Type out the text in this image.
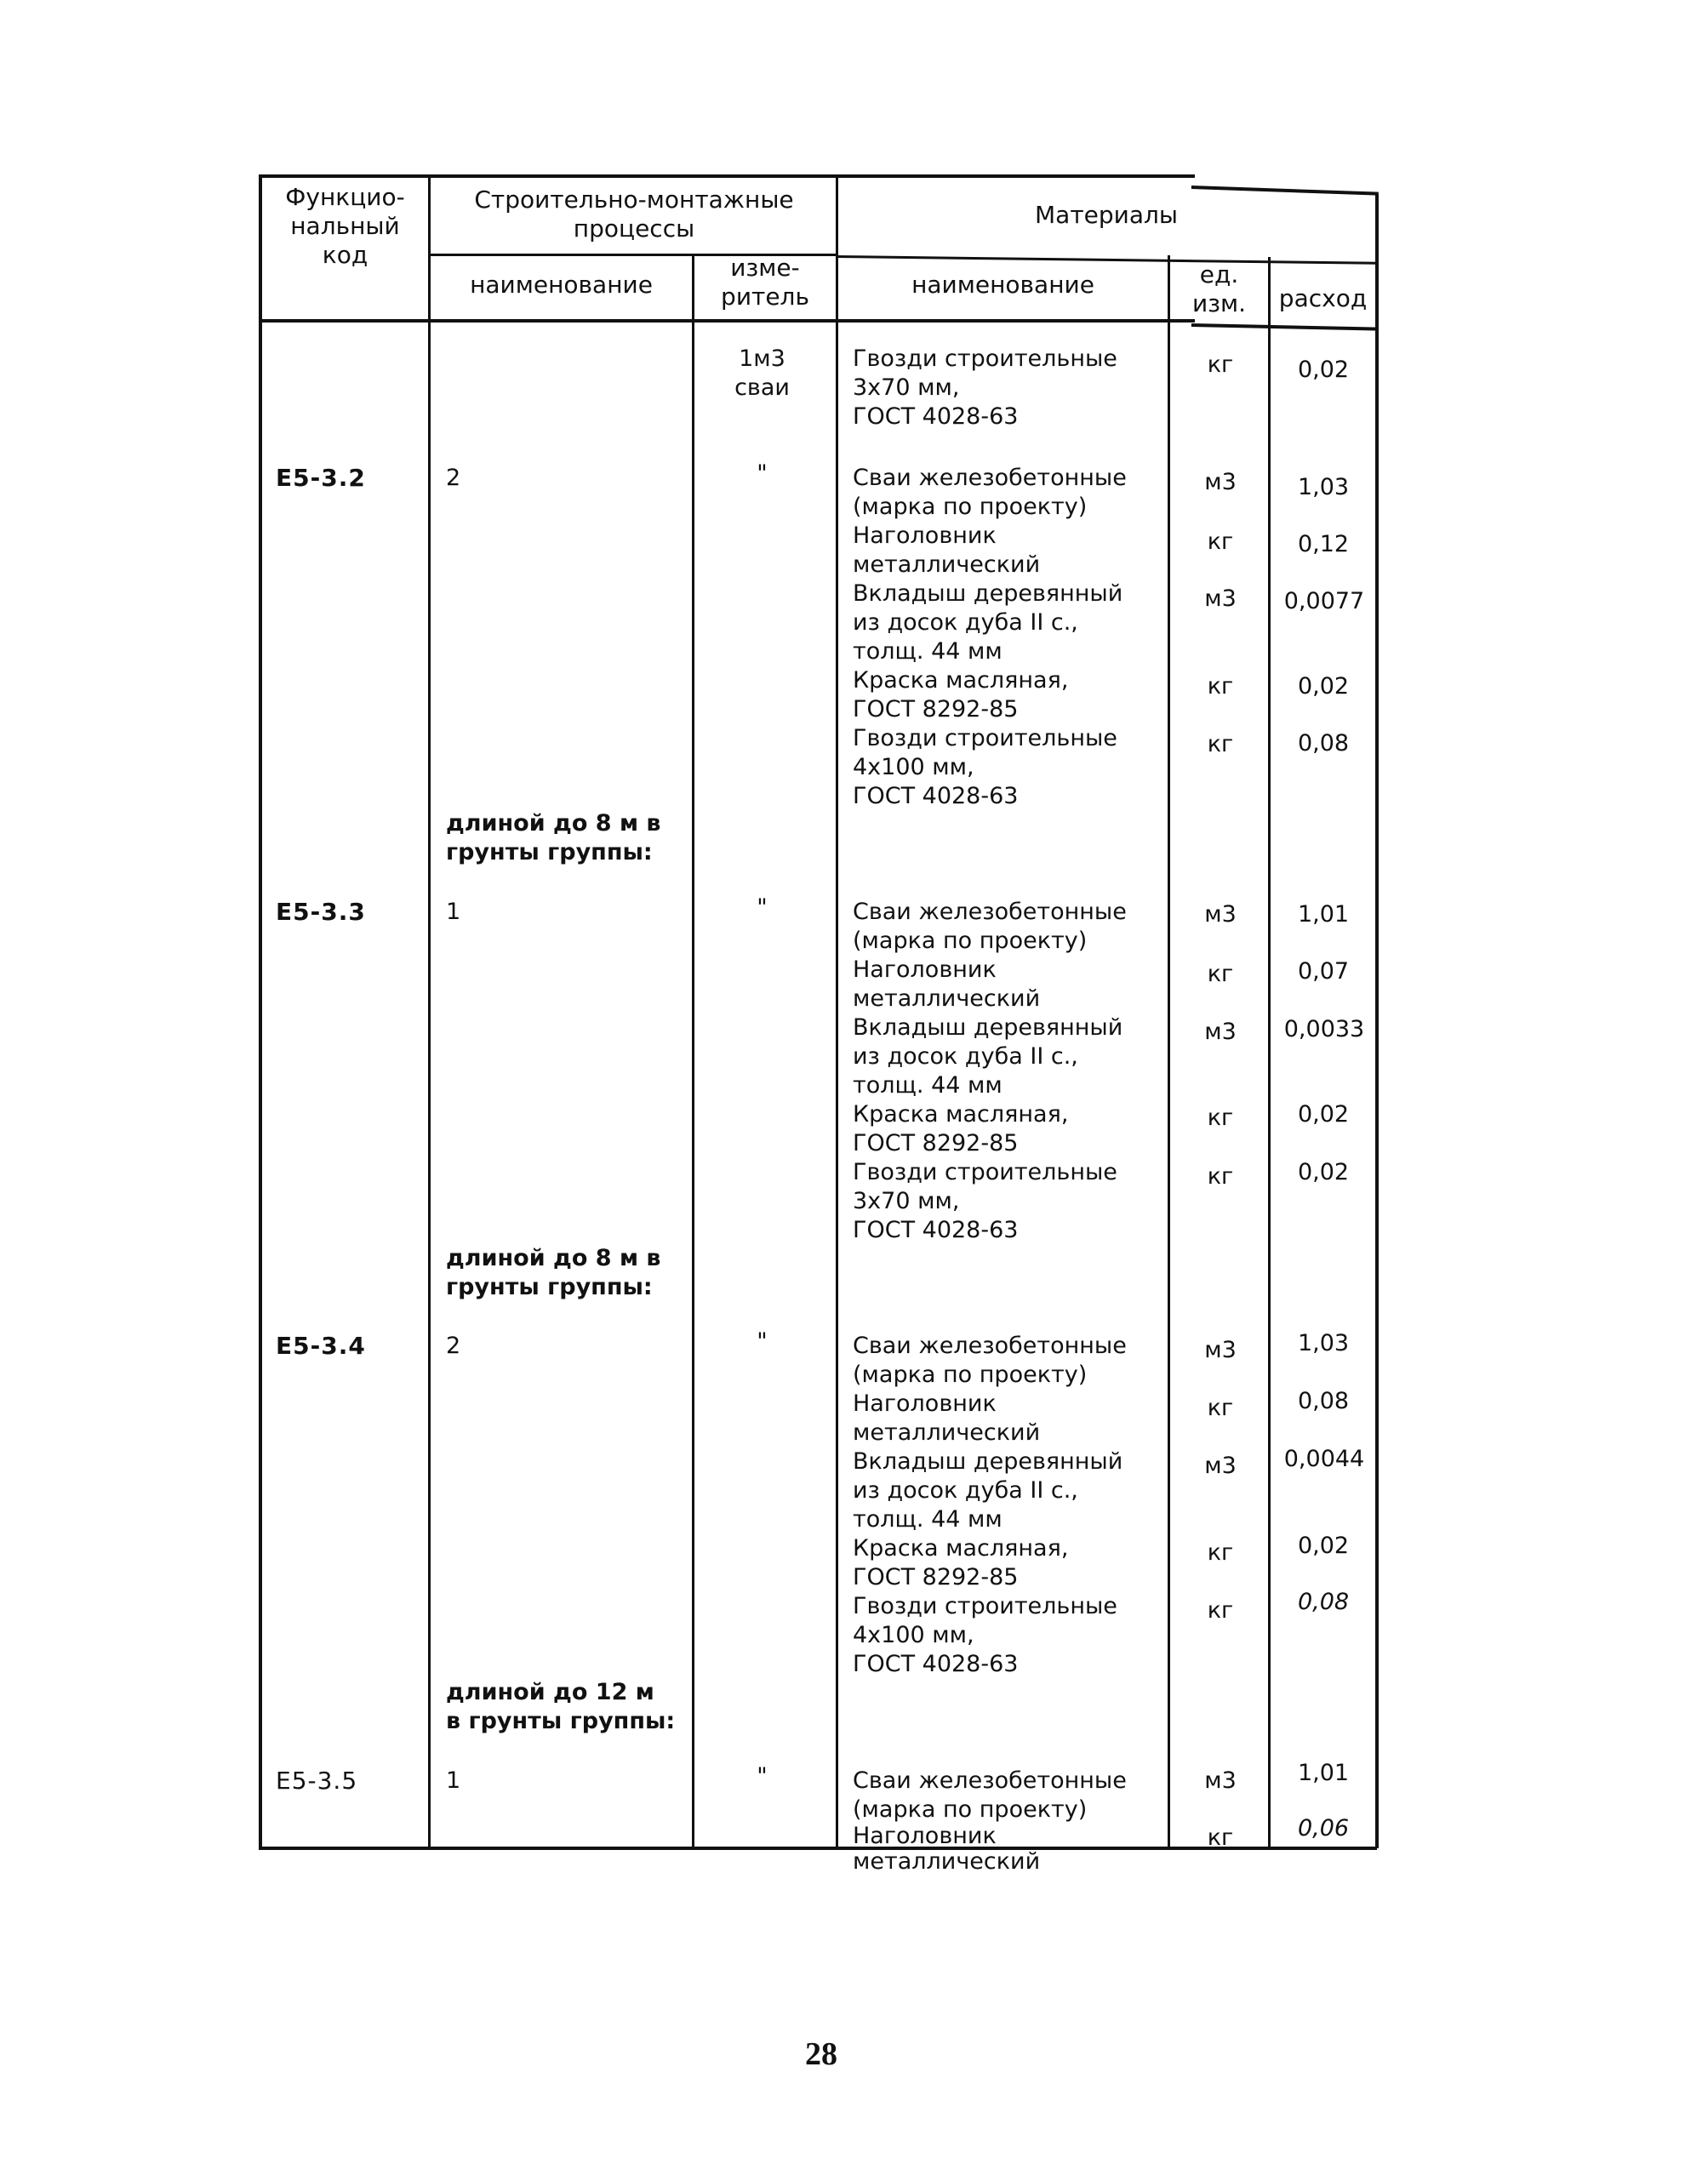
Функцио-
нальный
код
Строительно-монтажные процессы
наименование
изме-
ритель
Материалы
наименование	ед.
изм.	расход
1м3
сваи
Гвозди строительные
3х70 мм,
ГОСТ 4028-63
кг	0,02
Е5-3.2	2	"	Сваи железобетонные
(марка по проекту)
м3	1,03
Наголовник
металлический
кг	0,12
Вкладыш деревянный
из досок дуба II с.,
толщ. 44 мм
м3	0,0077
Краска масляная,
ГОСТ 8292-85
кг	0,02
Гвозди строительные
4х100 мм,
ГОСТ 4028-63
кг	0,08
длиной до 8 м в
грунты группы:
Е5-3.3	1	"	Сваи железобетонные
(марка по проекту)
м3	1,01
Наголовник
металлический
кг	0,07
Вкладыш деревянный
из досок дуба II с.,
толщ. 44 мм
м3	0,0033
Краска масляная,
ГОСТ 8292-85
кг	0,02
Гвозди строительные
3х70 мм,
ГОСТ 4028-63
кг	0,02
длиной до 8 м в
грунты группы:
Е5-3.4	2	"	Сваи железобетонные
(марка по проекту)
м3	1,03
Наголовник
металлический
кг	0,08
Вкладыш деревянный
из досок дуба II с.,
толщ. 44 мм
м3	0,0044
Краска масляная,
ГОСТ 8292-85
кг	0,02
Гвозди строительные
4х100 мм,
ГОСТ 4028-63
кг	0,08
длиной до 12 м
в грунты группы:
Е5-3.5	1	"	Сваи железобетонные
(марка по проекту)
м3	1,01
Наголовник
металлический
кг	0,06
28
